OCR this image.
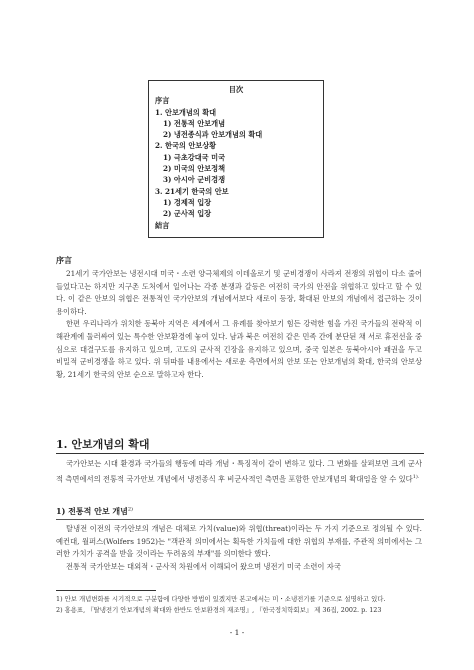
目次
序言
1. 안보개념의 확대
1) 전통적 안보개념
2) 냉전종식과 안보개념의 확대
2. 한국의 안보상황
1) 극초강대국 미국
2) 미국의 안보정책
3) 아시아 군비경쟁
3. 21세기 한국의 안보
1) 경제적 입장
2) 군사적 입장
結言
序言

21세기 국가안보는 냉전시대 미국・소련 양극체제의 이데올로기 및 군비경쟁이 사라져 전쟁의 위협이 다소 줄어들었다고는 하지만 지구촌 도처에서 일어나는 각종 분쟁과 갈등은 여전히 국가의 안전을 위협하고 있다고 할 수 있다. 이 같은 안보의 위협은 전통적인 국가안보의 개념에서보다 새로이 등장, 확대된 안보의 개념에서 접근하는 것이 용이하다.

한편 우리나라가 위치한 동북아 지역은 세계에서 그 유례를 찾아보기 힘든 강력한 힘을 가진 국가들의 전략적 이해관계에 둘러싸여 있는 특수한 안보환경에 놓여 있다. 남과 북은 여전히 같은 민족 간에 분단된 채 서로 휴전선을 중심으로 대결구도를 유지하고 있으며, 고도의 군사적 긴장을 유지하고 있으며, 중국 일본은 동북아시아 패권을 두고 비밀적 군비경쟁을 하고 있다. 위 뒤따를 내용에서는 새로운 측면에서의 안보 또는 안보개념의 확대, 한국의 안보상황, 21세기 한국의 안보 순으로 말하고자 한다.

1. 안보개념의 확대

국가안보는 시대 환경과 국가들의 행동에 따라 개념・특징적이 같이 변하고 있다. 그 변화를 살펴보면 크게 군사적 측면에서의 전통적 국가안보 개념에서 냉전종식 후 비군사적인 측면을 포함한 안보개념의 확대임을 알 수 있다$^{1).}$

1) 전통적 안보 개념$^{2)}$

탈냉전 이전의 국가안보의 개념은 대체로 가치(value)와 위협(threat)이라는 두 가지 기준으로 정의될 수 있다. 예컨대, 월퍼스(Wolfers 1952)는 "객관적 의미에서는 획득한 가치들에 대한 위협의 부재를, 주관적 의미에서는 그러한 가치가 공격을 받을 것이라는 두려움의 부재"를 의미한다 했다.

전통적 국가안보는 대외적・군사적 차원에서 이해되어 왔으며 냉전기 미국 소련이 자국

1) 안보 개념변화를 시기적으로 구분함에 다양한 방법이 있겠지만 본고에서는 미・소냉전기를 기준으로 설명하고 있다.
2) 홍용표, 『탈냉전기 안보개념의 확대와 한반도 안보환경의 재조명』, 『한국정치학회보』 제 36집, 2002. p. 123
- 1 -
